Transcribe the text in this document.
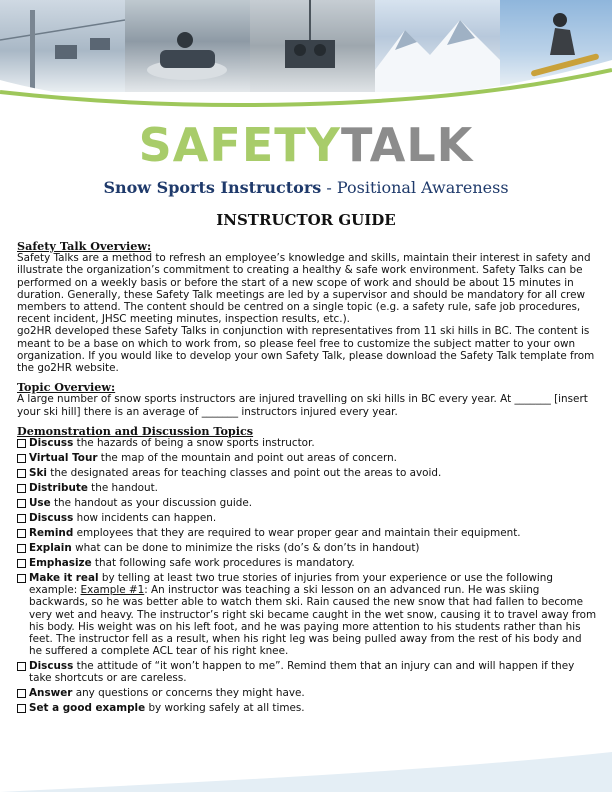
SAFETYTALK
Snow Sports Instructors - Positional Awareness
INSTRUCTOR GUIDE

Safety Talk Overview:

Safety Talks are a method to refresh an employee’s knowledge and skills, maintain their interest in safety and illustrate the organization’s commitment to creating a healthy & safe work environment. Safety Talks can be performed on a weekly basis or before the start of a new scope of work and should be about 15 minutes in duration. Generally, these Safety Talk meetings are led by a supervisor and should be mandatory for all crew members to attend. The content should be centred on a single topic (e.g. a safety rule, safe job procedures, recent incident, JHSC meeting minutes, inspection results, etc.).

go2HR developed these Safety Talks in conjunction with representatives from 11 ski hills in BC. The content is meant to be a base on which to work from, so please feel free to customize the subject matter to your own organization. If you would like to develop your own Safety Talk, please download the Safety Talk template from the go2HR website.

Topic Overview:

A large number of snow sports instructors are injured travelling on ski hills in BC every year. At _______ [insert your ski hill] there is an average of _______ instructors injured every year.

Demonstration and Discussion Topics

Discuss the hazards of being a snow sports instructor.
Virtual Tour the map of the mountain and point out areas of concern.
Ski the designated areas for teaching classes and point out the areas to avoid.
Distribute the handout.
Use the handout as your discussion guide.
Discuss how incidents can happen.
Remind employees that they are required to wear proper gear and maintain their equipment.
Explain what can be done to minimize the risks (do’s & don’ts in handout)
Emphasize that following safe work procedures is mandatory.
Make it real by telling at least two true stories of injuries from your experience or use the following example: Example #1: An instructor was teaching a ski lesson on an advanced run. He was skiing backwards, so he was better able to watch them ski. Rain caused the new snow that had fallen to become very wet and heavy. The instructor’s right ski became caught in the wet snow, causing it to travel away from his body. His weight was on his left foot, and he was paying more attention to his students rather than his feet. The instructor fell as a result, when his right leg was being pulled away from the rest of his body and he suffered a complete ACL tear of his right knee.
Discuss the attitude of “it won’t happen to me”. Remind them that an injury can and will happen if they take shortcuts or are careless.
Answer any questions or concerns they might have.
Set a good example by working safely at all times.
